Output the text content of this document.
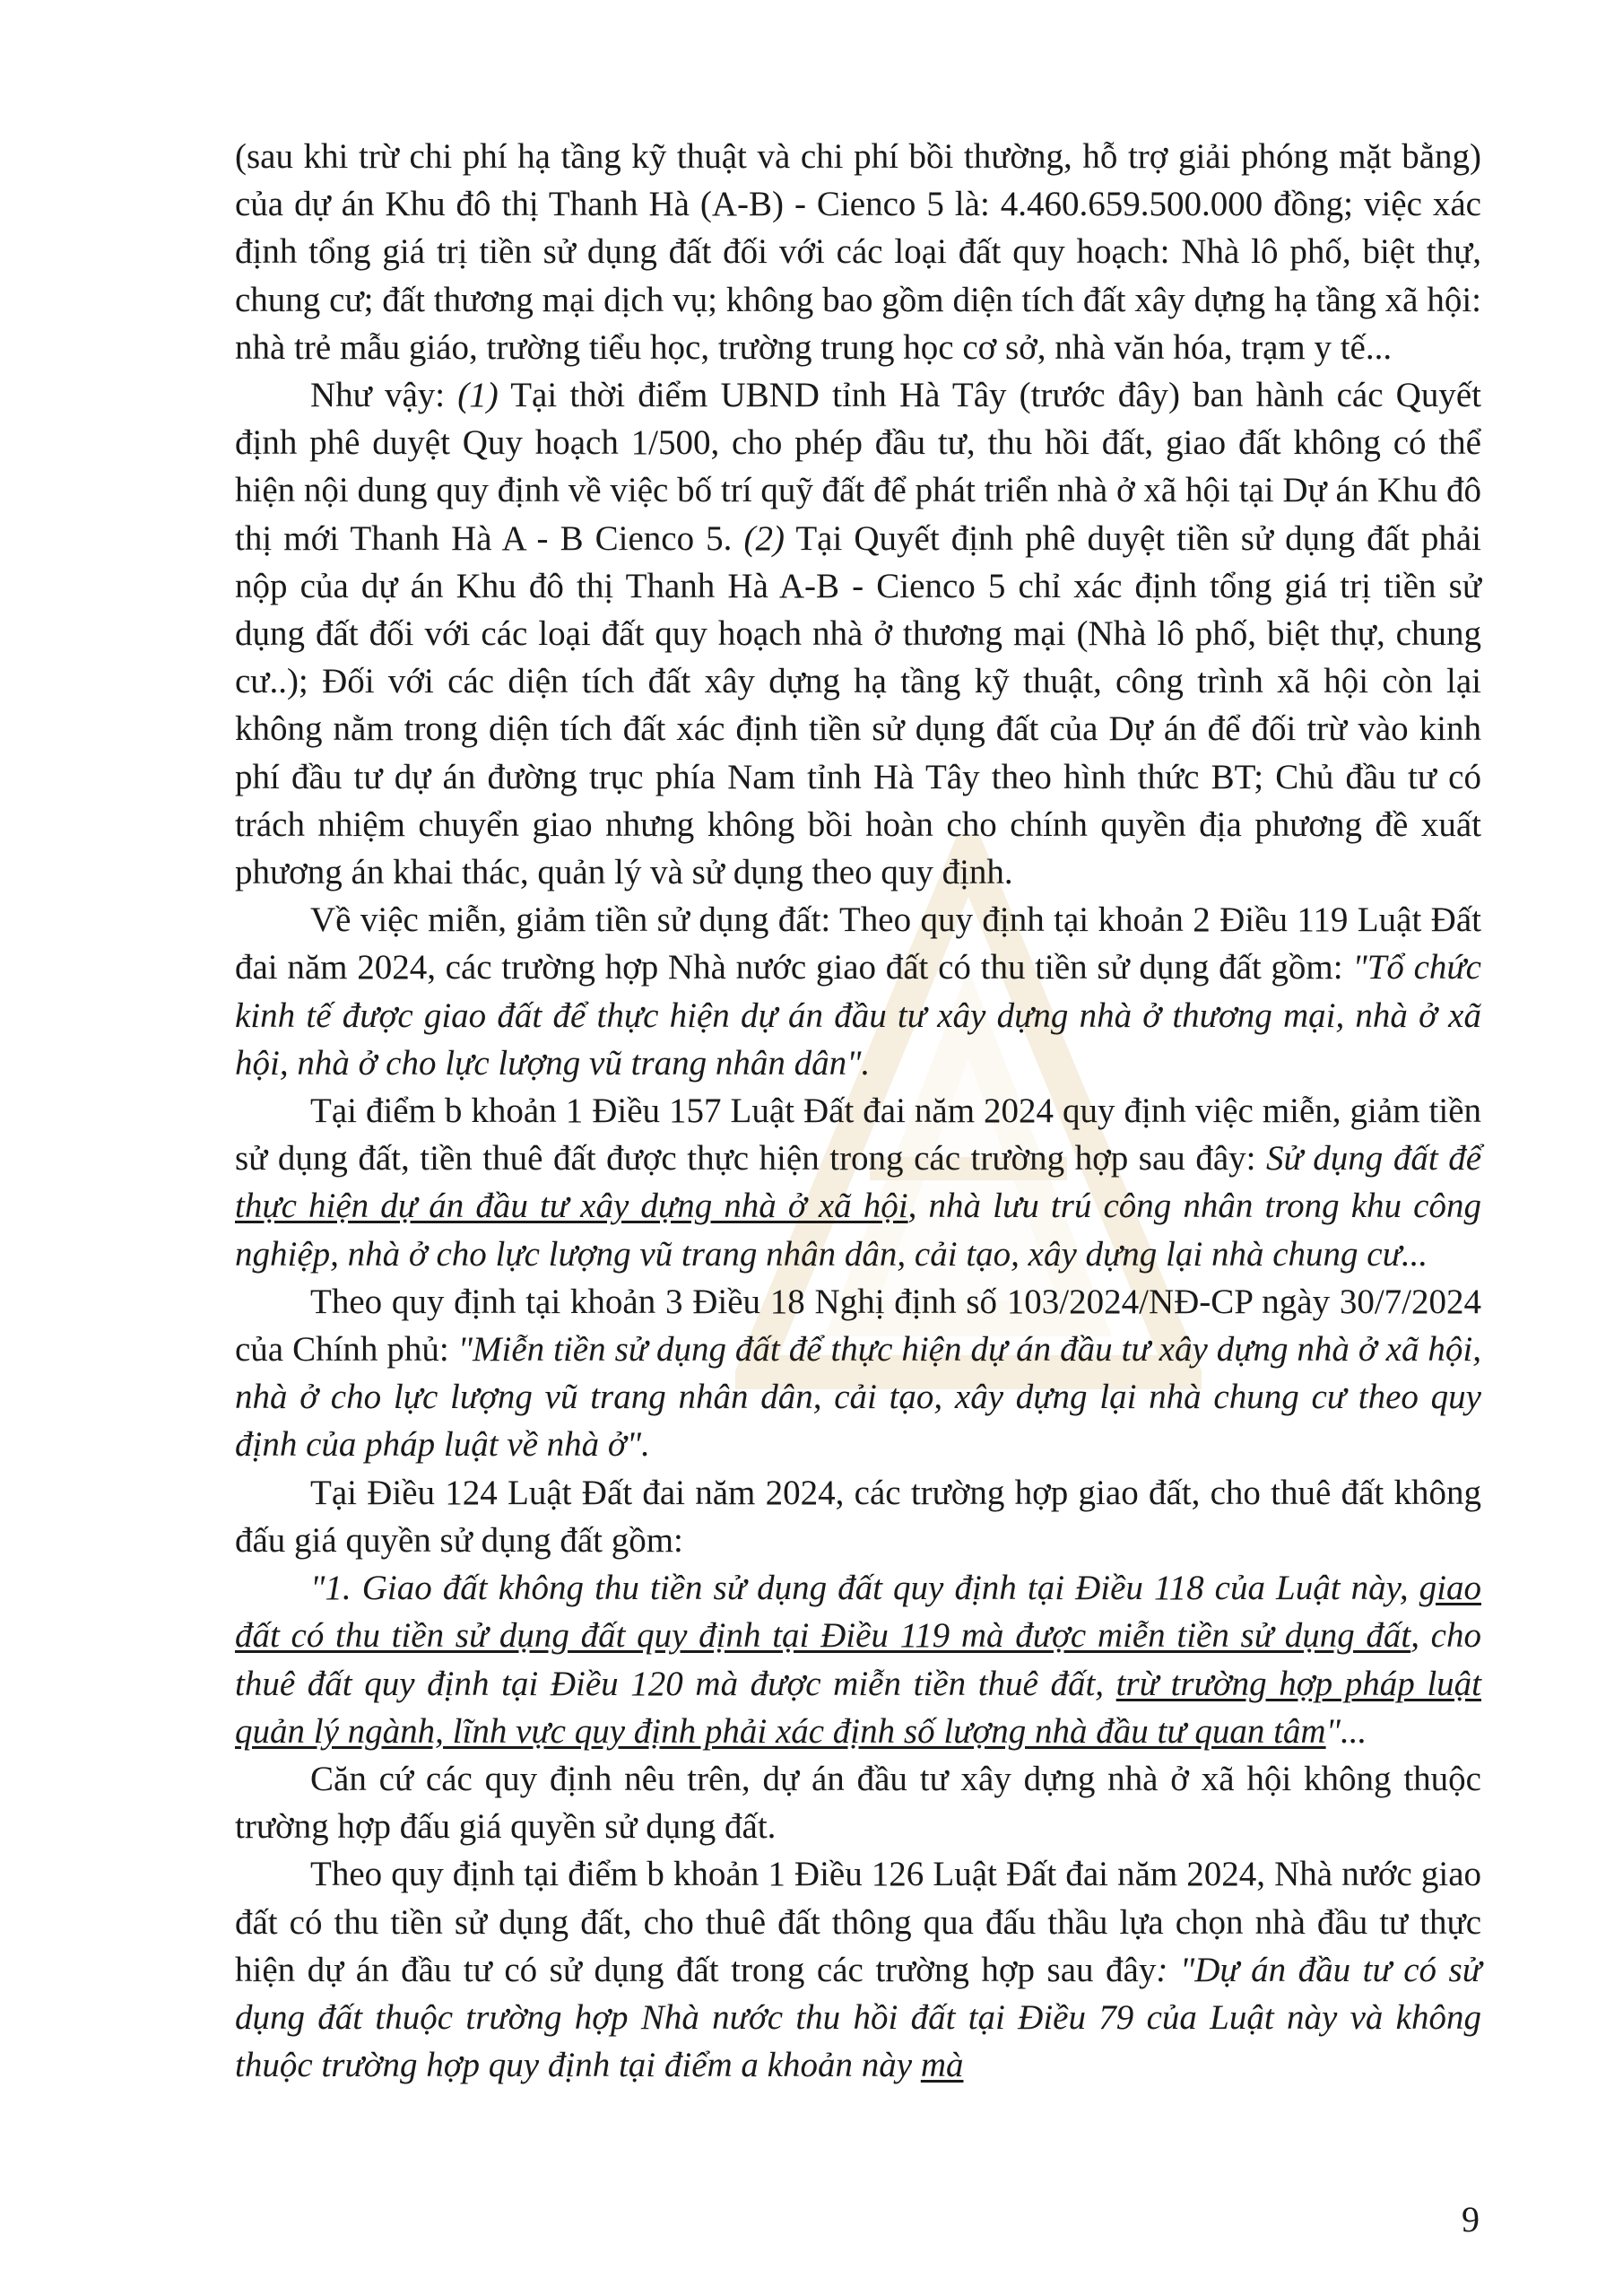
(sau khi trừ chi phí hạ tầng kỹ thuật và chi phí bồi thường, hỗ trợ giải phóng mặt bằng) của dự án Khu đô thị Thanh Hà (A-B) - Cienco 5 là: 4.460.659.500.000 đồng; việc xác định tổng giá trị tiền sử dụng đất đối với các loại đất quy hoạch: Nhà lô phố, biệt thự, chung cư; đất thương mại dịch vụ; không bao gồm diện tích đất xây dựng hạ tầng xã hội: nhà trẻ mẫu giáo, trường tiểu học, trường trung học cơ sở, nhà văn hóa, trạm y tế...

Như vậy: (1) Tại thời điểm UBND tỉnh Hà Tây (trước đây) ban hành các Quyết định phê duyệt Quy hoạch 1/500, cho phép đầu tư, thu hồi đất, giao đất không có thể hiện nội dung quy định về việc bố trí quỹ đất để phát triển nhà ở xã hội tại Dự án Khu đô thị mới Thanh Hà A - B Cienco 5. (2) Tại Quyết định phê duyệt tiền sử dụng đất phải nộp của dự án Khu đô thị Thanh Hà A-B - Cienco 5 chỉ xác định tổng giá trị tiền sử dụng đất đối với các loại đất quy hoạch nhà ở thương mại (Nhà lô phố, biệt thự, chung cư..); Đối với các diện tích đất xây dựng hạ tầng kỹ thuật, công trình xã hội còn lại không nằm trong diện tích đất xác định tiền sử dụng đất của Dự án để đối trừ vào kinh phí đầu tư dự án đường trục phía Nam tỉnh Hà Tây theo hình thức BT; Chủ đầu tư có trách nhiệm chuyển giao nhưng không bồi hoàn cho chính quyền địa phương đề xuất phương án khai thác, quản lý và sử dụng theo quy định.

Về việc miễn, giảm tiền sử dụng đất: Theo quy định tại khoản 2 Điều 119 Luật Đất đai năm 2024, các trường hợp Nhà nước giao đất có thu tiền sử dụng đất gồm: "Tổ chức kinh tế được giao đất để thực hiện dự án đầu tư xây dựng nhà ở thương mại, nhà ở xã hội, nhà ở cho lực lượng vũ trang nhân dân".

Tại điểm b khoản 1 Điều 157 Luật Đất đai năm 2024 quy định việc miễn, giảm tiền sử dụng đất, tiền thuê đất được thực hiện trong các trường hợp sau đây: Sử dụng đất để thực hiện dự án đầu tư xây dựng nhà ở xã hội, nhà lưu trú công nhân trong khu công nghiệp, nhà ở cho lực lượng vũ trang nhân dân, cải tạo, xây dựng lại nhà chung cư...

Theo quy định tại khoản 3 Điều 18 Nghị định số 103/2024/NĐ-CP ngày 30/7/2024 của Chính phủ: "Miễn tiền sử dụng đất để thực hiện dự án đầu tư xây dựng nhà ở xã hội, nhà ở cho lực lượng vũ trang nhân dân, cải tạo, xây dựng lại nhà chung cư theo quy định của pháp luật về nhà ở".

Tại Điều 124 Luật Đất đai năm 2024, các trường hợp giao đất, cho thuê đất không đấu giá quyền sử dụng đất gồm:

"1. Giao đất không thu tiền sử dụng đất quy định tại Điều 118 của Luật này, giao đất có thu tiền sử dụng đất quy định tại Điều 119 mà được miễn tiền sử dụng đất, cho thuê đất quy định tại Điều 120 mà được miễn tiền thuê đất, trừ trường hợp pháp luật quản lý ngành, lĩnh vực quy định phải xác định số lượng nhà đầu tư quan tâm"...

Căn cứ các quy định nêu trên, dự án đầu tư xây dựng nhà ở xã hội không thuộc trường hợp đấu giá quyền sử dụng đất.

Theo quy định tại điểm b khoản 1 Điều 126 Luật Đất đai năm 2024, Nhà nước giao đất có thu tiền sử dụng đất, cho thuê đất thông qua đấu thầu lựa chọn nhà đầu tư thực hiện dự án đầu tư có sử dụng đất trong các trường hợp sau đây: "Dự án đầu tư có sử dụng đất thuộc trường hợp Nhà nước thu hồi đất tại Điều 79 của Luật này và không thuộc trường hợp quy định tại điểm a khoản này mà

9
